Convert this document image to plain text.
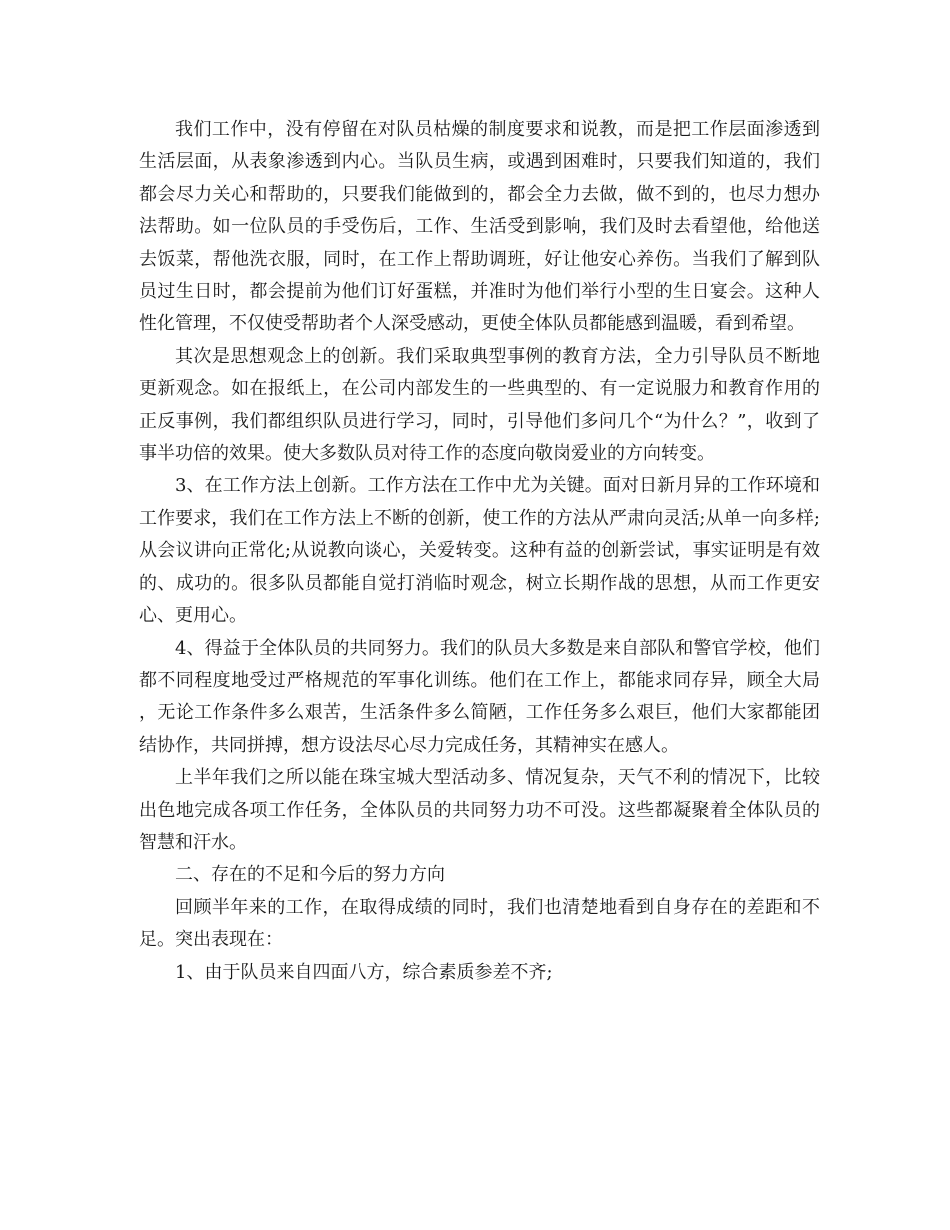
我们工作中，没有停留在对队员枯燥的制度要求和说教，而是把工作层面渗透到生活层面，从表象渗透到内心。当队员生病，或遇到困难时，只要我们知道的，我们都会尽力关心和帮助的，只要我们能做到的，都会全力去做，做不到的，也尽力想办法帮助。如一位队员的手受伤后，工作、生活受到影响，我们及时去看望他，给他送去饭菜，帮他洗衣服，同时，在工作上帮助调班，好让他安心养伤。当我们了解到队员过生日时，都会提前为他们订好蛋糕，并准时为他们举行小型的生日宴会。这种人性化管理，不仅使受帮助者个人深受感动，更使全体队员都能感到温暖，看到希望。

其次是思想观念上的创新。我们采取典型事例的教育方法，全力引导队员不断地更新观念。如在报纸上，在公司内部发生的一些典型的、有一定说服力和教育作用的正反事例，我们都组织队员进行学习，同时，引导他们多问几个“为什么？”，收到了事半功倍的效果。使大多数队员对待工作的态度向敬岗爱业的方向转变。

3、在工作方法上创新。工作方法在工作中尤为关键。面对日新月异的工作环境和工作要求，我们在工作方法上不断的创新，使工作的方法从严肃向灵活;从单一向多样;从会议讲向正常化;从说教向谈心，关爱转变。这种有益的创新尝试，事实证明是有效的、成功的。很多队员都能自觉打消临时观念，树立长期作战的思想，从而工作更安心、更用心。

4、得益于全体队员的共同努力。我们的队员大多数是来自部队和警官学校，他们都不同程度地受过严格规范的军事化训练。他们在工作上，都能求同存异，顾全大局，无论工作条件多么艰苦，生活条件多么简陋，工作任务多么艰巨，他们大家都能团结协作，共同拼搏，想方设法尽心尽力完成任务，其精神实在感人。

上半年我们之所以能在珠宝城大型活动多、情况复杂，天气不利的情况下，比较出色地完成各项工作任务，全体队员的共同努力功不可没。这些都凝聚着全体队员的智慧和汗水。

二、存在的不足和今后的努力方向

回顾半年来的工作，在取得成绩的同时，我们也清楚地看到自身存在的差距和不足。突出表现在：

1、由于队员来自四面八方，综合素质参差不齐;
